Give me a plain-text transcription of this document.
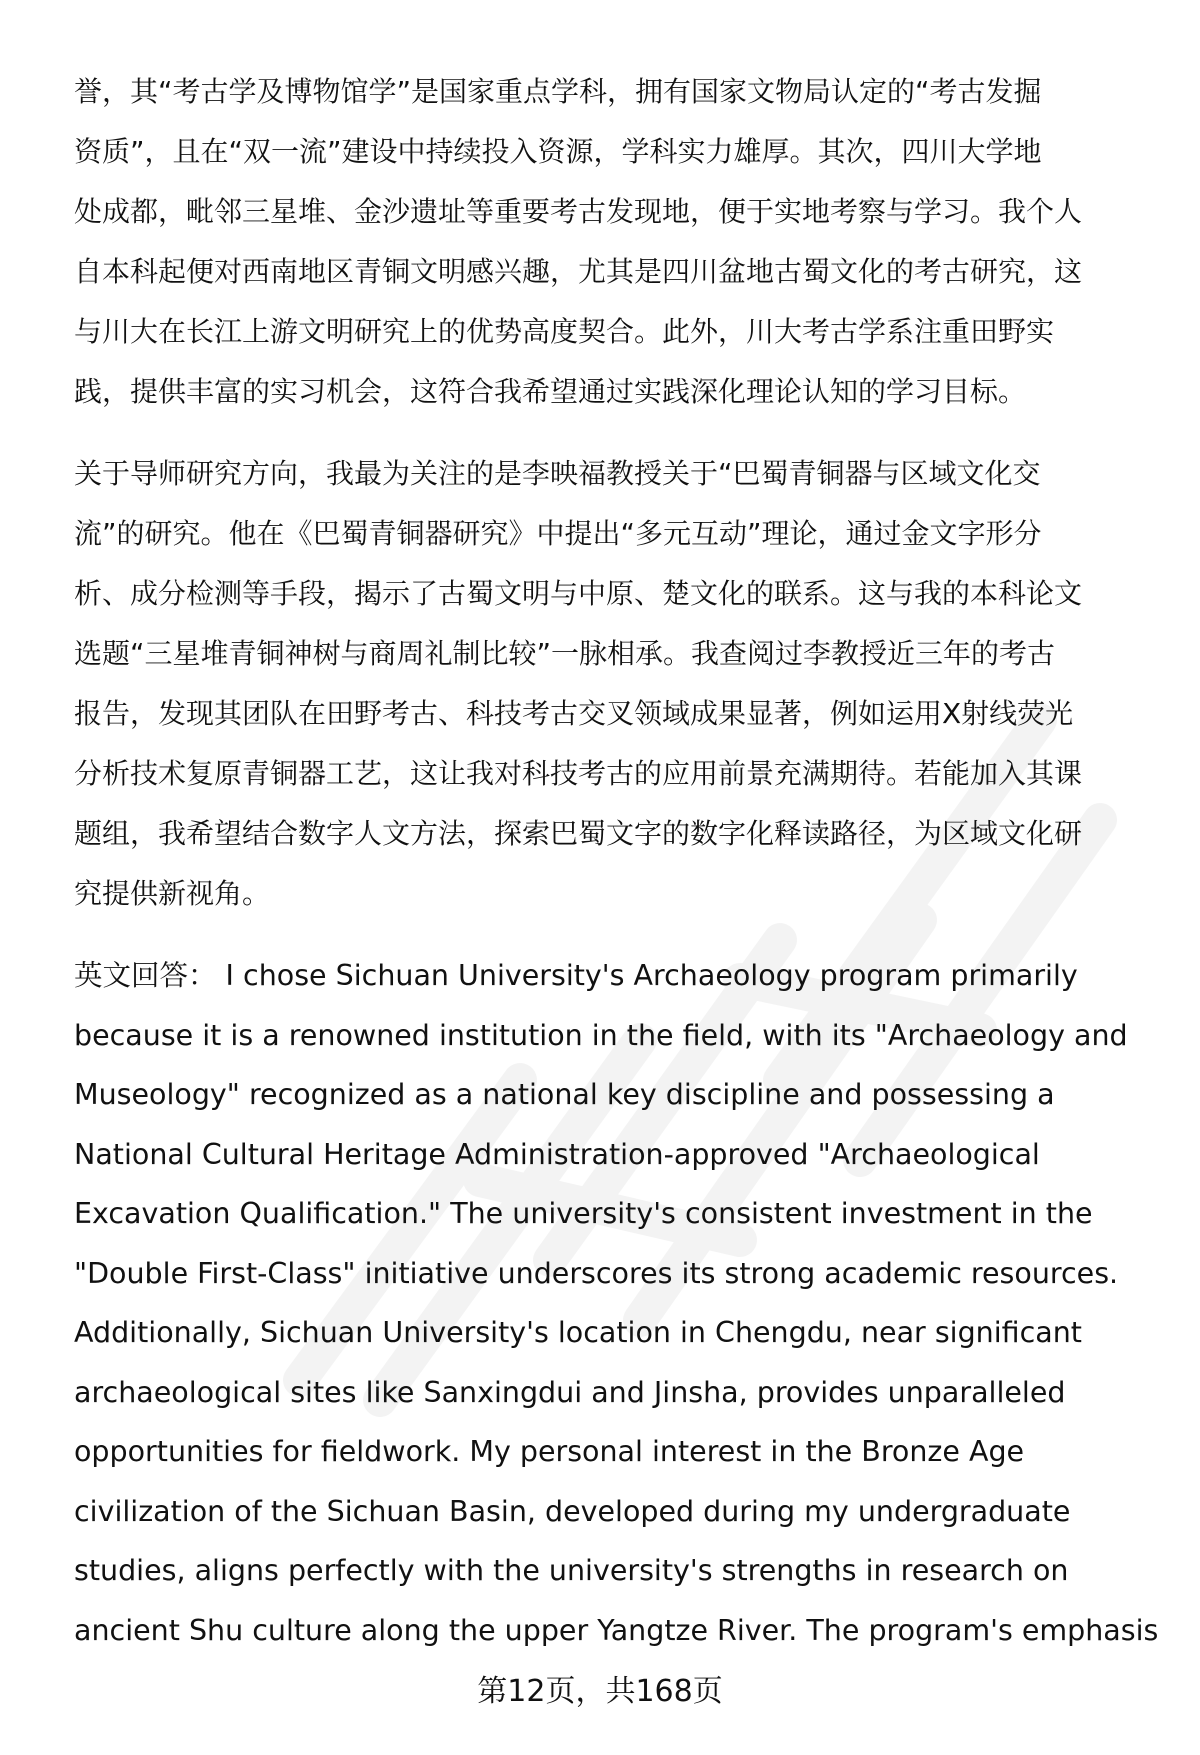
誉，其“考古学及博物馆学”是国家重点学科，拥有国家文物局认定的“考古发掘
资质”，且在“双一流”建设中持续投入资源，学科实力雄厚。其次，四川大学地
处成都，毗邻三星堆、金沙遗址等重要考古发现地，便于实地考察与学习。我个人
自本科起便对西南地区青铜文明感兴趣，尤其是四川盆地古蜀文化的考古研究，这
与川大在长江上游文明研究上的优势高度契合。此外，川大考古学系注重田野实
践，提供丰富的实习机会，这符合我希望通过实践深化理论认知的学习目标。

关于导师研究方向，我最为关注的是李映福教授关于“巴蜀青铜器与区域文化交
流”的研究。他在《巴蜀青铜器研究》中提出“多元互动”理论，通过金文字形分
析、成分检测等手段，揭示了古蜀文明与中原、楚文化的联系。这与我的本科论文
选题“三星堆青铜神树与商周礼制比较”一脉相承。我查阅过李教授近三年的考古
报告，发现其团队在田野考古、科技考古交叉领域成果显著，例如运用X射线荧光
分析技术复原青铜器工艺，这让我对科技考古的应用前景充满期待。若能加入其课
题组，我希望结合数字人文方法，探索巴蜀文字的数字化释读路径，为区域文化研
究提供新视角。

英文回答： I chose Sichuan University's Archaeology program primarily
because it is a renowned institution in the field, with its "Archaeology and
Museology" recognized as a national key discipline and possessing a
National Cultural Heritage Administration-approved "Archaeological
Excavation Qualification." The university's consistent investment in the
"Double First-Class" initiative underscores its strong academic resources.
Additionally, Sichuan University's location in Chengdu, near significant
archaeological sites like Sanxingdui and Jinsha, provides unparalleled
opportunities for fieldwork. My personal interest in the Bronze Age
civilization of the Sichuan Basin, developed during my undergraduate
studies, aligns perfectly with the university's strengths in research on
ancient Shu culture along the upper Yangtze River. The program's emphasis

第12页，共168页
